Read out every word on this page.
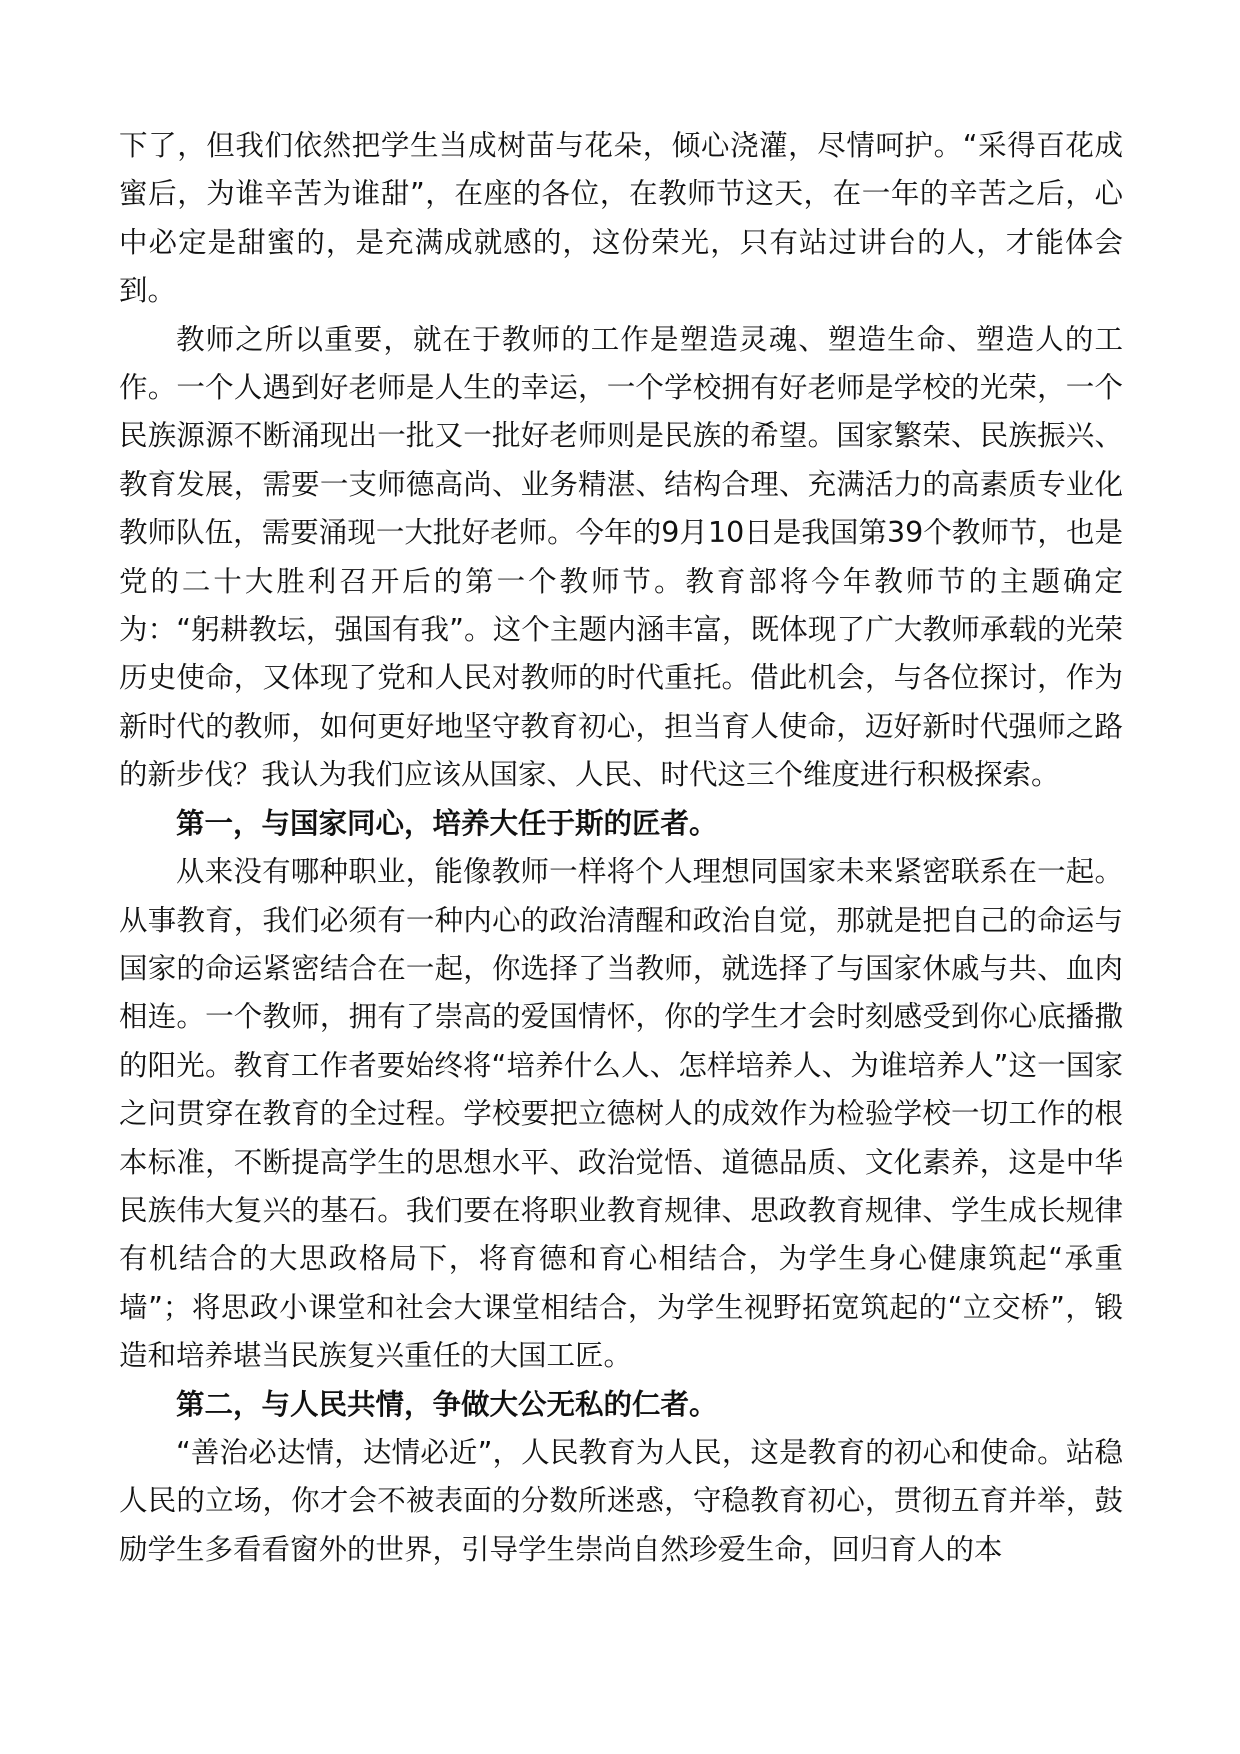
下了，但我们依然把学生当成树苗与花朵，倾心浇灌，尽情呵护。“采得百花成蜜后，为谁辛苦为谁甜”，在座的各位，在教师节这天，在一年的辛苦之后，心中必定是甜蜜的，是充满成就感的，这份荣光，只有站过讲台的人，才能体会到。

教师之所以重要，就在于教师的工作是塑造灵魂、塑造生命、塑造人的工作。一个人遇到好老师是人生的幸运，一个学校拥有好老师是学校的光荣，一个民族源源不断涌现出一批又一批好老师则是民族的希望。国家繁荣、民族振兴、教育发展，需要一支师德高尚、业务精湛、结构合理、充满活力的高素质专业化教师队伍，需要涌现一大批好老师。今年的9月10日是我国第39个教师节，也是党的二十大胜利召开后的第一个教师节。教育部将今年教师节的主题确定为：“躬耕教坛，强国有我”。这个主题内涵丰富，既体现了广大教师承载的光荣历史使命，又体现了党和人民对教师的时代重托。借此机会，与各位探讨，作为新时代的教师，如何更好地坚守教育初心，担当育人使命，迈好新时代强师之路的新步伐？我认为我们应该从国家、人民、时代这三个维度进行积极探索。

第一，与国家同心，培养大任于斯的匠者。

从来没有哪种职业，能像教师一样将个人理想同国家未来紧密联系在一起。从事教育，我们必须有一种内心的政治清醒和政治自觉，那就是把自己的命运与国家的命运紧密结合在一起，你选择了当教师，就选择了与国家休戚与共、血肉相连。一个教师，拥有了崇高的爱国情怀，你的学生才会时刻感受到你心底播撒的阳光。教育工作者要始终将“培养什么人、怎样培养人、为谁培养人”这一国家之问贯穿在教育的全过程。学校要把立德树人的成效作为检验学校一切工作的根本标准，不断提高学生的思想水平、政治觉悟、道德品质、文化素养，这是中华民族伟大复兴的基石。我们要在将职业教育规律、思政教育规律、学生成长规律有机结合的大思政格局下，将育德和育心相结合，为学生身心健康筑起“承重墙”；将思政小课堂和社会大课堂相结合，为学生视野拓宽筑起的“立交桥”，锻造和培养堪当民族复兴重任的大国工匠。

第二，与人民共情，争做大公无私的仁者。

“善治必达情，达情必近”，人民教育为人民，这是教育的初心和使命。站稳人民的立场，你才会不被表面的分数所迷惑，守稳教育初心，贯彻五育并举，鼓励学生多看看窗外的世界，引导学生崇尚自然珍爱生命，回归育人的本
